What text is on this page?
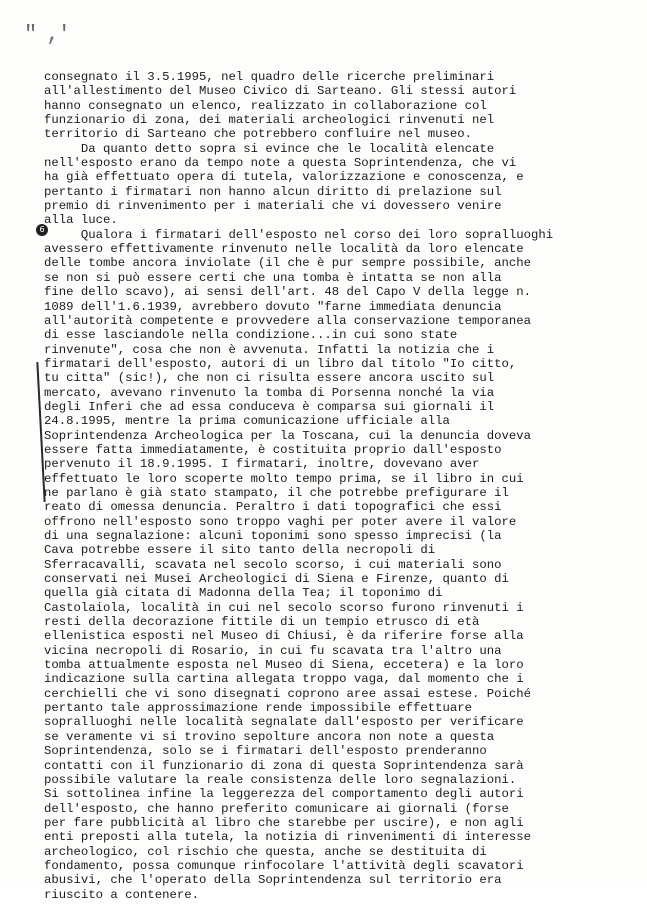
" ,'
6
consegnato il 3.5.1995, nel quadro delle ricerche preliminari
all'allestimento del Museo Civico di Sarteano. Gli stessi autori
hanno consegnato un elenco, realizzato in collaborazione col
funzionario di zona, dei materiali archeologici rinvenuti nel
territorio di Sarteano che potrebbero confluire nel museo.
Da quanto detto sopra si evince che le località elencate
nell'esposto erano da tempo note a questa Soprintendenza, che vi
ha già effettuato opera di tutela, valorizzazione e conoscenza, e
pertanto i firmatari non hanno alcun diritto di prelazione sul
premio di rinvenimento per i materiali che vi dovessero venire
alla luce.
Qualora i firmatari dell'esposto nel corso dei loro sopralluoghi
avessero effettivamente rinvenuto nelle località da loro elencate
delle tombe ancora inviolate (il che è pur sempre possibile, anche
se non si può essere certi che una tomba è intatta se non alla
fine dello scavo), ai sensi dell'art. 48 del Capo V della legge n.
1089 dell'1.6.1939, avrebbero dovuto "farne immediata denuncia
all'autorità competente e provvedere alla conservazione temporanea
di esse lasciandole nella condizione...in cui sono state
rinvenute", cosa che non è avvenuta. Infatti la notizia che i
firmatari dell'esposto, autori di un libro dal titolo "Io citto,
tu citta" (sic!), che non ci risulta essere ancora uscito sul
mercato, avevano rinvenuto la tomba di Porsenna nonché la via
degli Inferi che ad essa conduceva è comparsa sui giornali il
24.8.1995, mentre la prima comunicazione ufficiale alla
Soprintendenza Archeologica per la Toscana, cui la denuncia doveva
essere fatta immediatamente, è costituita proprio dall'esposto
pervenuto il 18.9.1995. I firmatari, inoltre, dovevano aver
effettuato le loro scoperte molto tempo prima, se il libro in cui
ne parlano è già stato stampato, il che potrebbe prefigurare il
reato di omessa denuncia. Peraltro i dati topografici che essi
offrono nell'esposto sono troppo vaghi per poter avere il valore
di una segnalazione: alcuni toponimi sono spesso imprecisi (la
Cava potrebbe essere il sito tanto della necropoli di
Sferracavalli, scavata nel secolo scorso, i cui materiali sono
conservati nei Musei Archeologici di Siena e Firenze, quanto di
quella già citata di Madonna della Tea; il toponimo di
Castolaiola, località in cui nel secolo scorso furono rinvenuti i
resti della decorazione fittile di un tempio etrusco di età
ellenistica esposti nel Museo di Chiusi, è da riferire forse alla
vicina necropoli di Rosario, in cui fu scavata tra l'altro una
tomba attualmente esposta nel Museo di Siena, eccetera) e la loro
indicazione sulla cartina allegata troppo vaga, dal momento che i
cerchielli che vi sono disegnati coprono aree assai estese. Poiché
pertanto tale approssimazione rende impossibile effettuare
sopralluoghi nelle località segnalate dall'esposto per verificare
se veramente vi si trovino sepolture ancora non note a questa
Soprintendenza, solo se i firmatari dell'esposto prenderanno
contatti con il funzionario di zona di questa Soprintendenza sarà
possibile valutare la reale consistenza delle loro segnalazioni.
Si sottolinea infine la leggerezza del comportamento degli autori
dell'esposto, che hanno preferito comunicare ai giornali (forse
per fare pubblicità al libro che starebbe per uscire), e non agli
enti preposti alla tutela, la notizia di rinvenimenti di interesse
archeologico, col rischio che questa, anche se destituita di
fondamento, possa comunque rinfocolare l'attività degli scavatori
abusivi, che l'operato della Soprintendenza sul territorio era
riuscito a contenere.
